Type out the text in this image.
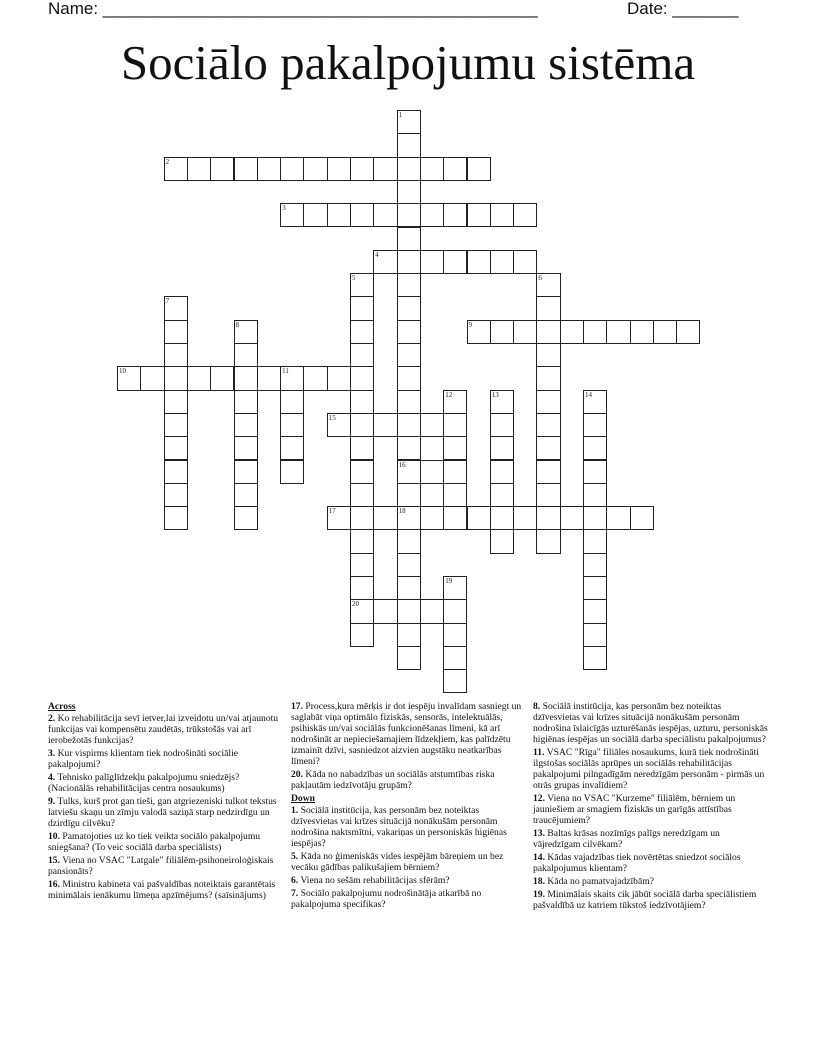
Name: ______________________________________________	Date: _______
Sociālo pakalpojumu sistēma
1
16
18
2
3
4
5
20
6
7
8	9
10	11
12	13	14
15
17
19
Across
2. Ko rehabilitācija sevī ietver,lai izveidotu un/vai atjaunotu funkcijas vai kompensētu zaudētās, trūkstošās vai arī ierobežotās funkcijas?
3. Kur vispirms klientam tiek nodrošināti sociālie pakalpojumi?
4. Tehnisko palīglīdzekļu pakalpojumu sniedzējs? (Nacionālās rehabilitācijas centra nosaukums)
9. Tulks, kurš prot gan tieši, gan atgriezeniski tulkot tekstus latviešu skaņu un zīmju valodā saziņā starp nedzirdīgu un dzirdīgu cilvēku?
10. Pamatojoties uz ko tiek veikta sociālo pakalpojumu sniegšana? (To veic sociālā darba speciālists)
15. Viena no VSAC "Latgale" filiālēm-psihoneiroloģiskais pansionāts?
16. Ministru kabineta vai pašvaldības noteiktais garantētais minimālais ienākumu līmeņa apzīmējums? (saīsinājums)
17. Process,kura mērķis ir dot iespēju invalīdam sasniegt un saglabāt viņa optimālo fiziskās, sensorās, intelektuālās, psihiskās un/vai sociālās funkcionēšanas līmeni, kā arī nodrošināt ar nepieciešamajiem līdzekļiem, kas palīdzētu izmainīt dzīvi, sasniedzot aizvien augstāku neatkarības līmeni?
20. Kāda no nabadzības un sociālās atstumtības riska pakļautām iedzīvotāju grupām?
Down
1. Sociālā institūcija, kas personām bez noteiktas dzīvesvietas vai krīzes situācijā nonākušām personām nodrošina naktsmītni, vakariņas un personiskās higiēnas iespējas?
5. Kāda no ģimeniskās vides iespējām bāreņiem un bez vecāku gādības palikušajiem bērniem?
6. Viena no sešām rehabilitācijas sfērām?
7. Sociālo pakalpojumu nodrošinātāja atkarībā no pakalpojuma specifikas?
8. Sociālā institūcija, kas personām bez noteiktas dzīvesvietas vai krīzes situācijā nonākušām personām nodrošina īslaicīgās uzturēšanās iespējas, uzturu, personiskās higiēnas iespējas un sociālā darba speciālistu pakalpojumus?
11. VSAC "Rīga" filiāles nosaukums, kurā tiek nodrošināti ilgstošas sociālās aprūpes un sociālās rehabilitācijas pakalpojumi pilngadīgām neredzīgām personām - pirmās un otrās grupas invalīdiem?
12. Viena no VSAC "Kurzeme" filiālēm, bērniem un jauniešiem ar smagiem fiziskās un garīgās attīstības traucējumiem?
13. Baltas krāsas nozīmīgs palīgs neredzīgam un vājredzīgam cilvēkam?
14. Kādas vajadzības tiek novērtētas sniedzot sociālos pakalpojumus klientam?
18. Kāda no pamatvajadzībām?
19. Minimālais skaits cik jābūt sociālā darba speciālistiem pašvaldībā uz katriem tūkstoš iedzīvotājiem?
